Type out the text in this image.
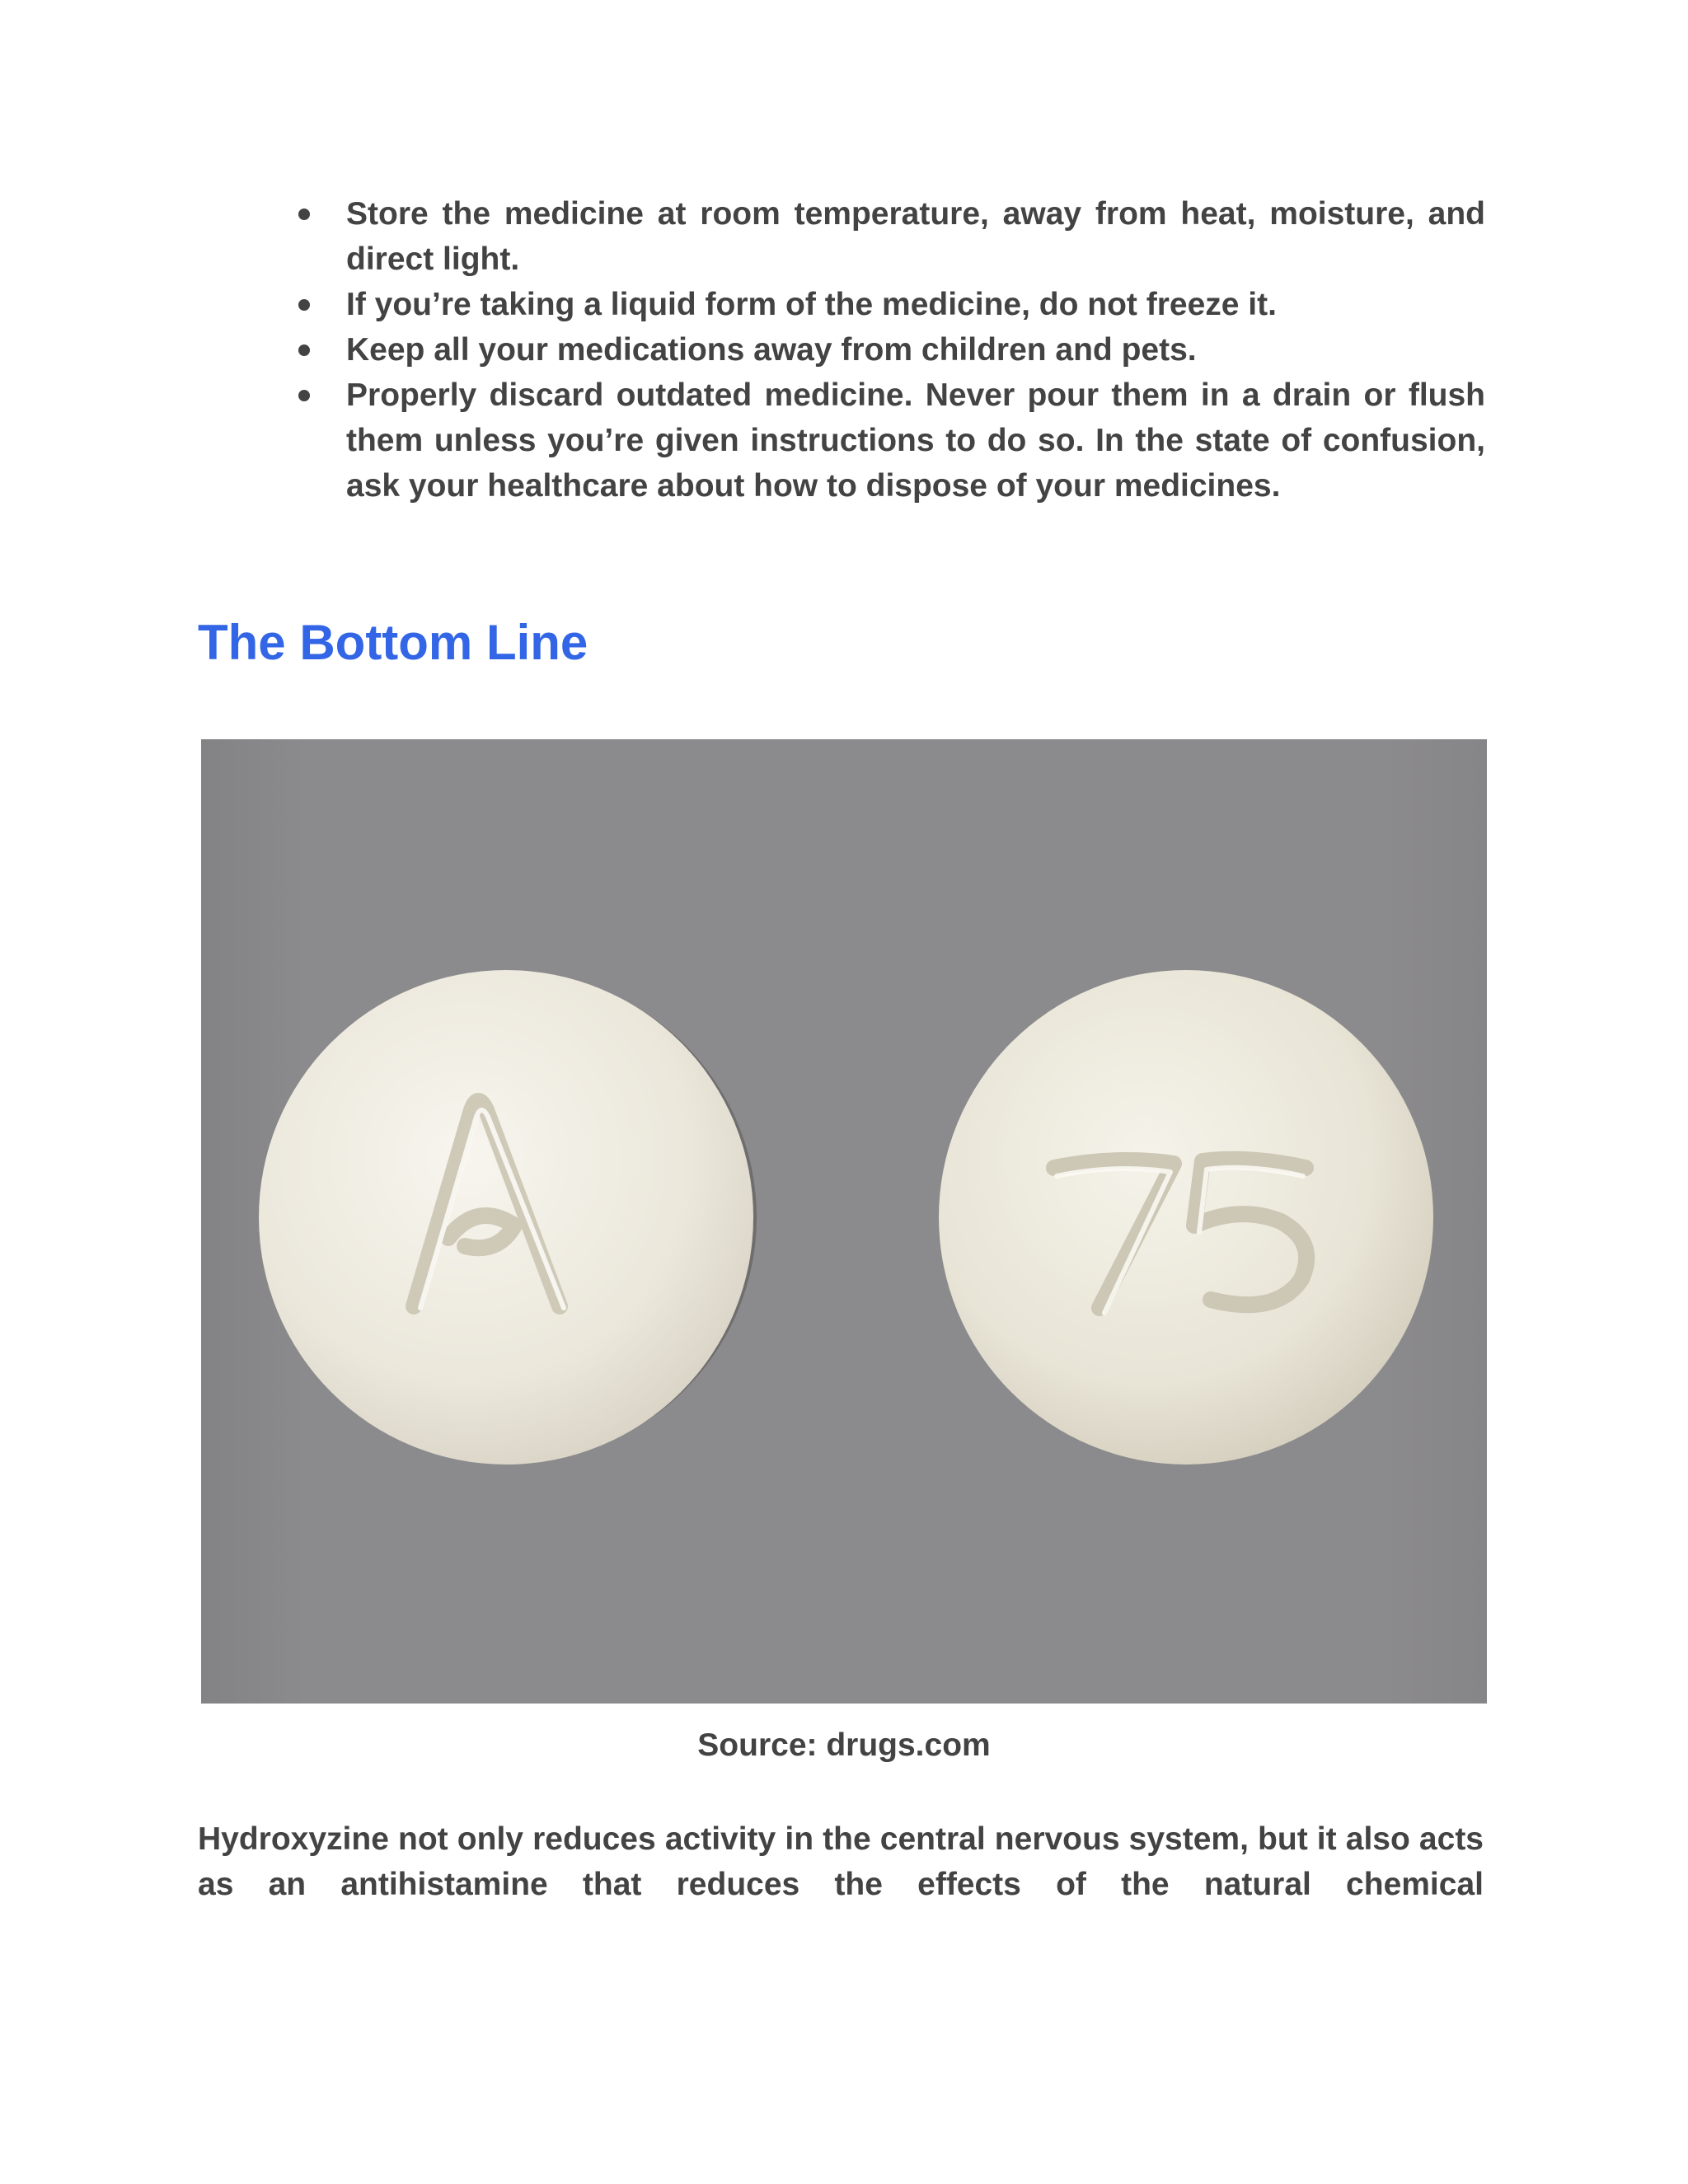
Store the medicine at room temperature, away from heat, moisture, and direct light.
If you’re taking a liquid form of the medicine, do not freeze it.
Keep all your medications away from children and pets.
Properly discard outdated medicine. Never pour them in a drain or flush them unless you’re given instructions to do so. In the state of confusion, ask your healthcare about how to dispose of your medicines.
The Bottom Line
Source: drugs.com

Hydroxyzine not only reduces activity in the central nervous system, but it also acts as an antihistamine that reduces the effects of the natural chemical
